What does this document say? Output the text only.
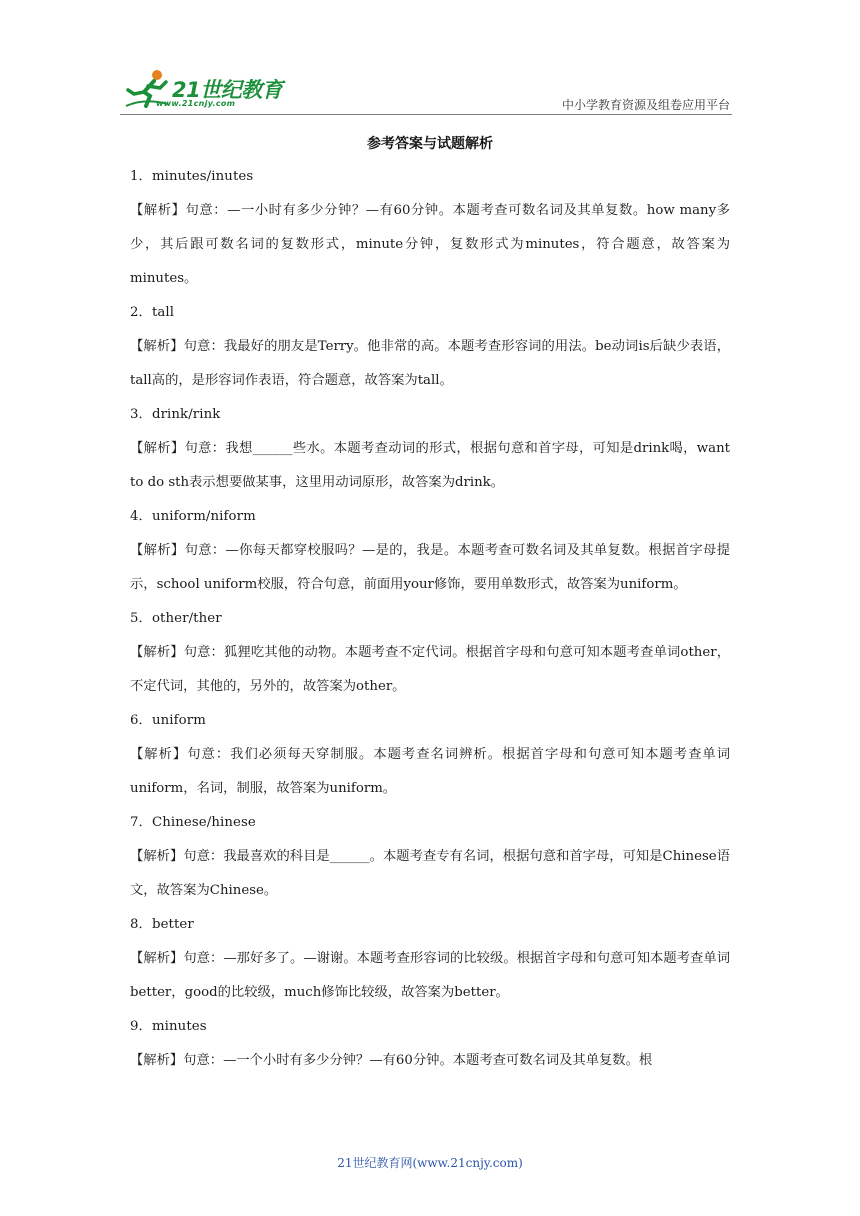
21世纪教育
www.21cnjy.com	中小学教育资源及组卷应用平台
参考答案与试题解析

1．minutes/inutes

【解析】句意：—一小时有多少分钟？—有60分钟。本题考查可数名词及其单复数。how many多少，其后跟可数名词的复数形式，minute分钟，复数形式为minutes，符合题意，故答案为minutes。

2．tall

【解析】句意：我最好的朋友是Terry。他非常的高。本题考查形容词的用法。be动词is后缺少表语，tall高的，是形容词作表语，符合题意，故答案为tall。

3．drink/rink

【解析】句意：我想______些水。本题考查动词的形式，根据句意和首字母，可知是drink喝，want to do sth表示想要做某事，这里用动词原形，故答案为drink。

4．uniform/niform

【解析】句意：—你每天都穿校服吗？—是的，我是。本题考查可数名词及其单复数。根据首字母提示，school uniform校服，符合句意，前面用your修饰，要用单数形式，故答案为uniform。

5．other/ther

【解析】句意：狐狸吃其他的动物。本题考查不定代词。根据首字母和句意可知本题考查单词other，不定代词，其他的，另外的，故答案为other。

6．uniform

【解析】句意：我们必须每天穿制服。本题考查名词辨析。根据首字母和句意可知本题考查单词uniform，名词，制服，故答案为uniform。

7．Chinese/hinese

【解析】句意：我最喜欢的科目是______。本题考查专有名词，根据句意和首字母，可知是Chinese语文，故答案为Chinese。

8．better

【解析】句意：—那好多了。—谢谢。本题考查形容词的比较级。根据首字母和句意可知本题考查单词better，good的比较级，much修饰比较级，故答案为better。

9．minutes

【解析】句意：—一个小时有多少分钟？—有60分钟。本题考查可数名词及其单复数。根

21世纪教育网(www.21cnjy.com)
